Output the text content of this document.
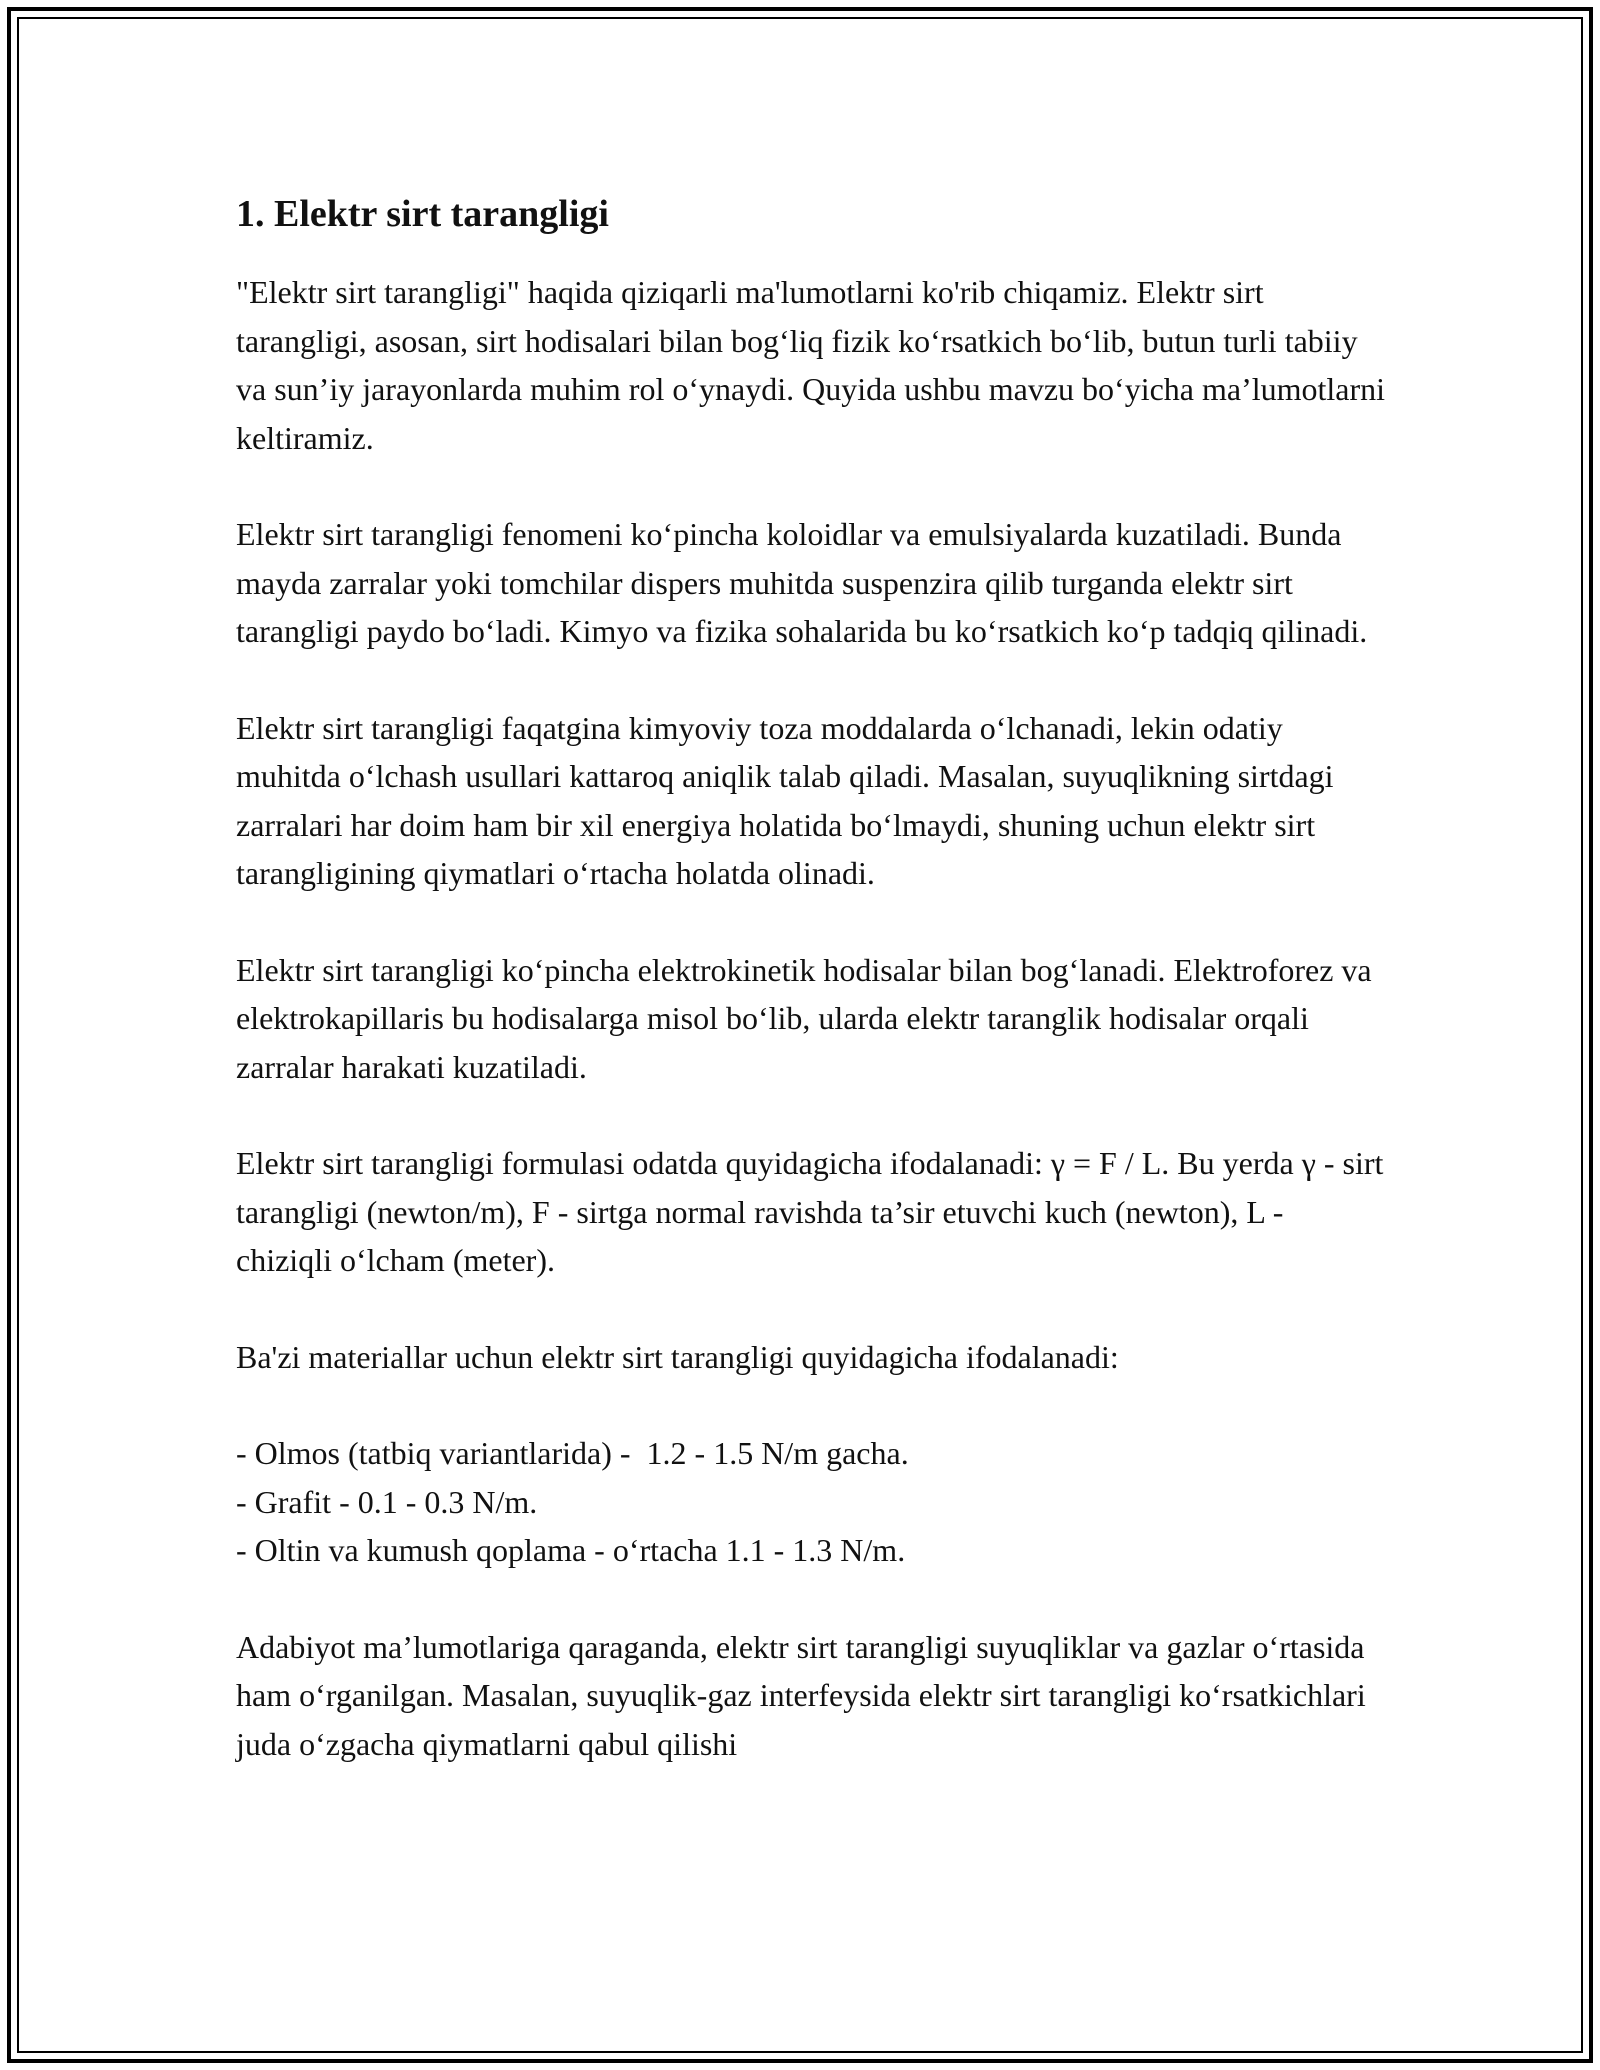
1. Elektr sirt tarangligi

"Elektr sirt tarangligi" haqida qiziqarli ma'lumotlarni ko'rib chiqamiz. Elektr sirt tarangligi, asosan, sirt hodisalari bilan bog‘liq fizik ko‘rsatkich bo‘lib, butun turli tabiiy va sun’iy jarayonlarda muhim rol o‘ynaydi. Quyida ushbu mavzu bo‘yicha ma’lumotlarni keltiramiz.

Elektr sirt tarangligi fenomeni ko‘pincha koloidlar va emulsiyalarda kuzatiladi. Bunda mayda zarralar yoki tomchilar dispers muhitda suspenzira qilib turganda elektr sirt tarangligi paydo bo‘ladi. Kimyo va fizika sohalarida bu ko‘rsatkich ko‘p tadqiq qilinadi.

Elektr sirt tarangligi faqatgina kimyoviy toza moddalarda o‘lchanadi, lekin odatiy muhitda o‘lchash usullari kattaroq aniqlik talab qiladi. Masalan, suyuqlikning sirtdagi zarralari har doim ham bir xil energiya holatida bo‘lmaydi, shuning uchun elektr sirt tarangligining qiymatlari o‘rtacha holatda olinadi.

Elektr sirt tarangligi ko‘pincha elektrokinetik hodisalar bilan bog‘lanadi. Elektroforez va elektrokapillaris bu hodisalarga misol bo‘lib, ularda elektr taranglik hodisalar orqali zarralar harakati kuzatiladi.

Elektr sirt tarangligi formulasi odatda quyidagicha ifodalanadi: γ = F / L. Bu yerda γ - sirt tarangligi (newton/m), F - sirtga normal ravishda ta’sir etuvchi kuch (newton), L - chiziqli o‘lcham (meter).

Ba'zi materiallar uchun elektr sirt tarangligi quyidagicha ifodalanadi:

- Olmos (tatbiq variantlarida) -  1.2 - 1.5 N/m gacha.
- Grafit - 0.1 - 0.3 N/m.
- Oltin va kumush qoplama - o‘rtacha 1.1 - 1.3 N/m.

Adabiyot ma’lumotlariga qaraganda, elektr sirt tarangligi suyuqliklar va gazlar o‘rtasida ham o‘rganilgan. Masalan, suyuqlik-gaz interfeysida elektr sirt tarangligi ko‘rsatkichlari juda o‘zgacha qiymatlarni qabul qilishi
